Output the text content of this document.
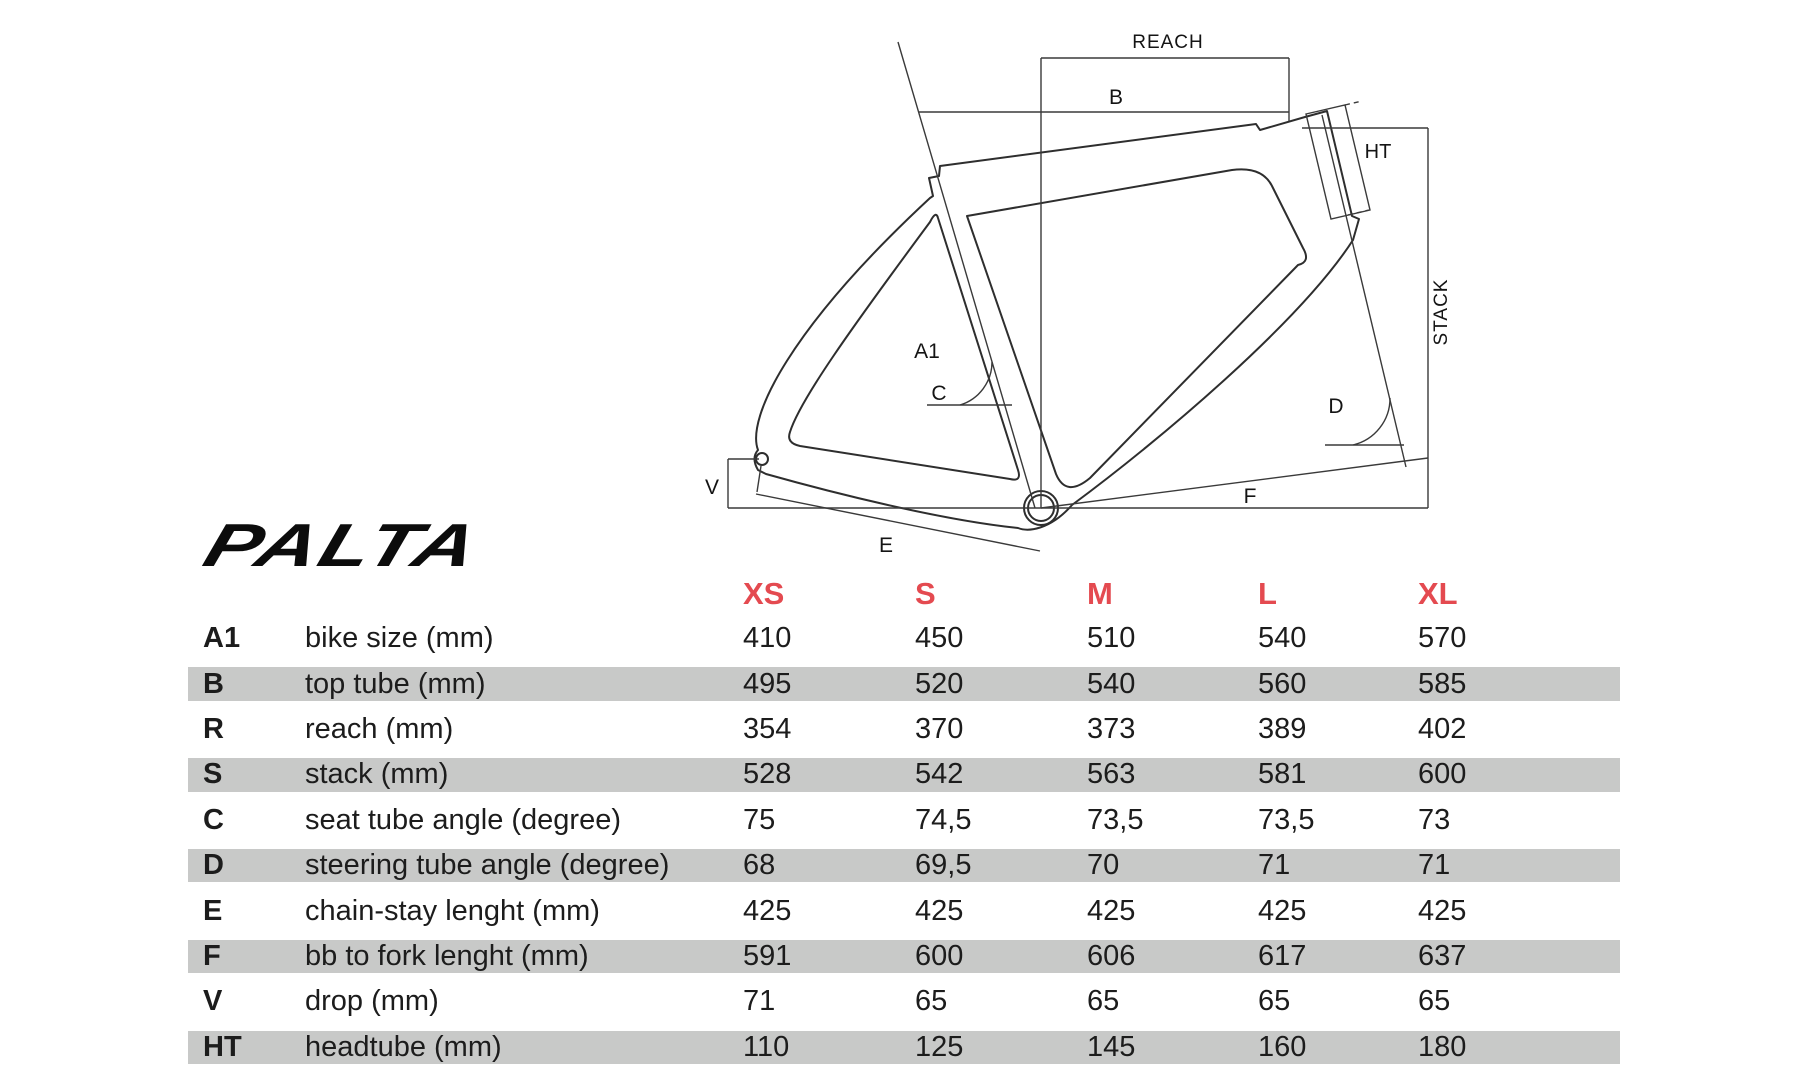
REACH
B
HT
STACK
A1
C
D
E
F
V
PALTA
XS	S	M	L	XL
A1	bike size (mm)	410	450	510	540	570
B	top tube (mm)	495	520	540	560	585
R	reach (mm)	354	370	373	389	402
S	stack (mm)	528	542	563	581	600
C	seat tube angle (degree)	75	74,5	73,5	73,5	73
D	steering tube angle (degree)	68	69,5	70	71	71
E	chain-stay lenght (mm)	425	425	425	425	425
F	bb to fork lenght (mm)	591	600	606	617	637
V	drop (mm)	71	65	65	65	65
HT	headtube (mm)	110	125	145	160	180
